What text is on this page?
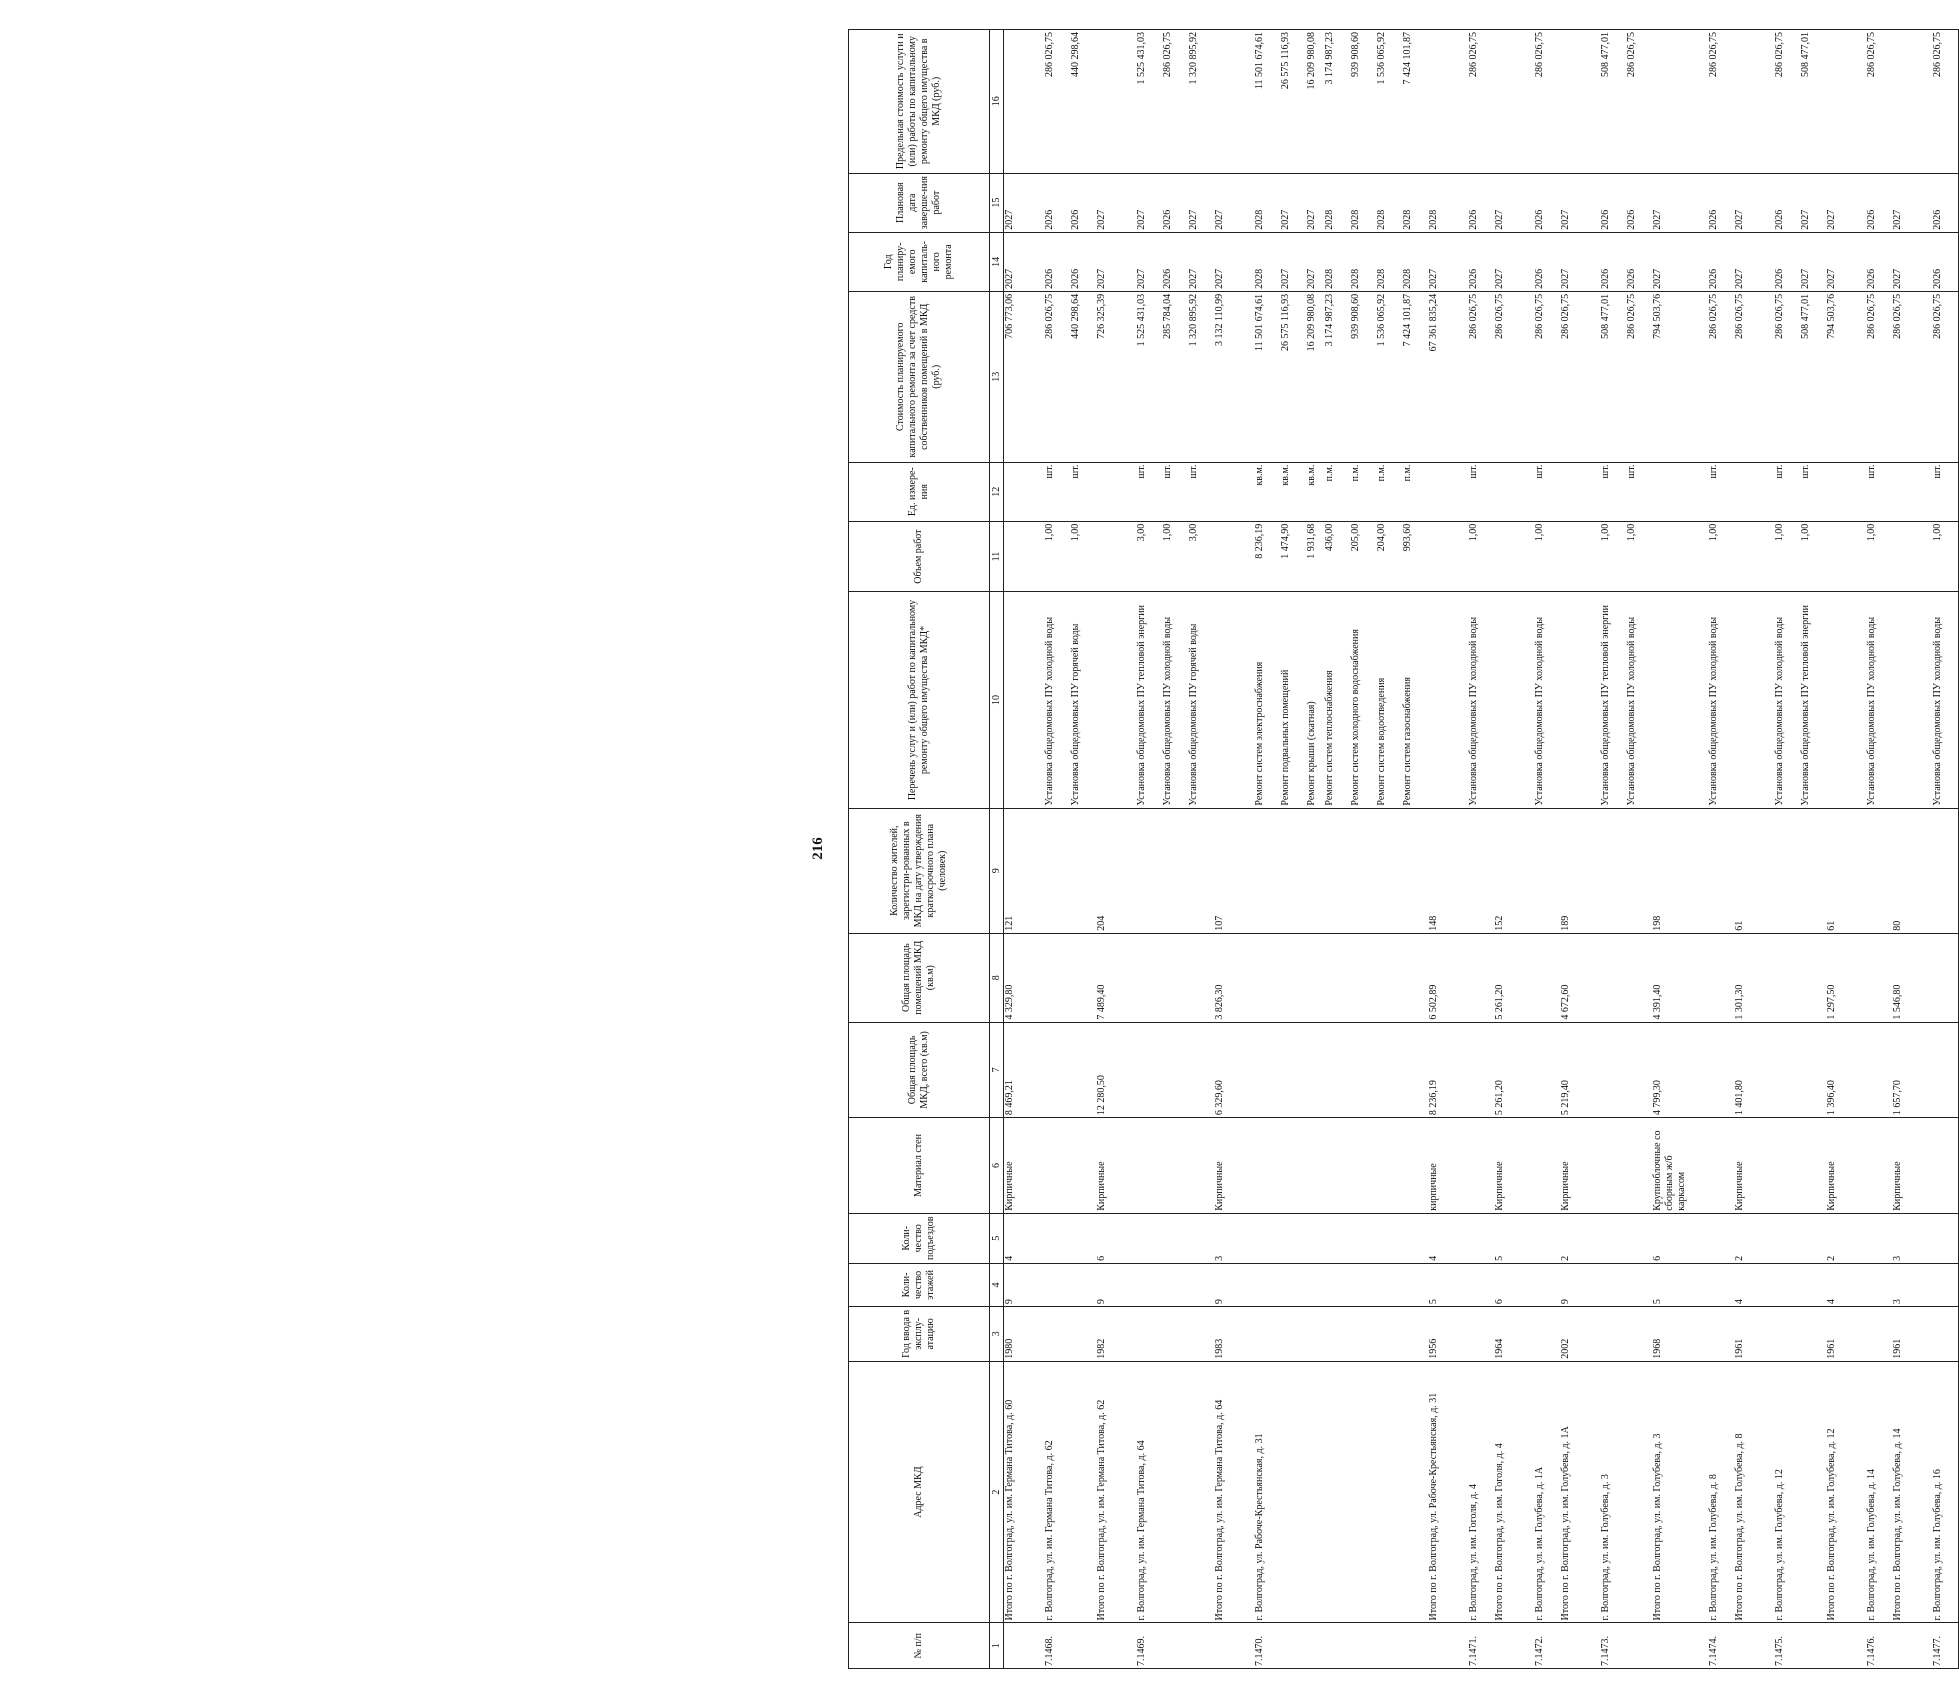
216
№ п/п	Адрес МКД	Год ввода в эксплу-атацию	Коли-чество этажей	Коли-чество подъездов	Материал стен	Общая площадь МКД, всего (кв.м)	Общая площадь помещений МКД (кв.м)	Количество жителей, зарегистри-рованных в МКД на дату утверждения краткосрочного плана (человек)	Перечень услуг и (или) работ по капитальному ремонту общего имущества МКД*	Объем работ	Ед. измере-ния	Стоимость планируемого капитального ремонта за счет средств собственников помещений в МКД (руб.)	Год планиру-емого капиталь-ного ремонта	Плановая дата заверше-ния работ	Предельная стоимость услуги и (или) работы по капитальному ремонту общего имущества в МКД (руб.)
1	2	3	4	5	6	7	8	9	10	11	12	13	14	15	16
	Итого по г. Волгоград, ул. им. Германа Титова, д. 60	1980	9	4	Кирпичные	8 469,21	4 329,80	121				706 773,06	2027	2027	
7.1468.	г. Волгоград, ул. им. Германа Титова, д. 62								Установка общедомовых ПУ холодной воды	1,00	шт.	286 026,75	2026	2026	286 026,75
									Установка общедомовых ПУ горячей воды	1,00	шт.	440 298,64	2026	2026	440 298,64
	Итого по г. Волгоград, ул. им. Германа Титова, д. 62	1982	9	6	Кирпичные	12 280,50	7 489,40	204				726 325,39	2027	2027	
7.1469.	г. Волгоград, ул. им. Германа Титова, д. 64								Установка общедомовых ПУ тепловой энергии	3,00	шт.	1 525 431,03	2027	2027	1 525 431,03
									Установка общедомовых ПУ холодной воды	1,00	шт.	285 784,04	2026	2026	286 026,75
									Установка общедомовых ПУ горячей воды	3,00	шт.	1 320 895,92	2027	2027	1 320 895,92
	Итого по г. Волгоград, ул. им. Германа Титова, д. 64	1983	9	3	Кирпичные	6 329,60	3 826,30	107				3 132 110,99	2027	2027	
7.1470.	г. Волгоград, ул. Рабоче-Крестьянская, д. 31								Ремонт систем электроснабжения	8 236,19	кв.м.	11 501 674,61	2028	2028	11 501 674,61
									Ремонт подвальных помещений	1 474,90	кв.м.	26 575 116,93	2027	2027	26 575 116,93
									Ремонт крыши (скатная)	1 931,68	кв.м.	16 209 980,08	2027	2027	16 209 980,08
									Ремонт систем теплоснабжения	436,00	п.м.	3 174 987,23	2028	2028	3 174 987,23
									Ремонт систем холодного водоснабжения	205,00	п.м.	939 908,60	2028	2028	939 908,60
									Ремонт систем водоотведения	204,00	п.м.	1 536 065,92	2028	2028	1 536 065,92
									Ремонт систем газоснабжения	993,60	п.м.	7 424 101,87	2028	2028	7 424 101,87
	Итого по г. Волгоград, ул. Рабоче-Крестьянская, д. 31	1956	5	4	кирпичные	8 236,19	6 502,89	148				67 361 835,24	2027	2028	
7.1471.	г. Волгоград, ул. им. Гоголя, д. 4								Установка общедомовых ПУ холодной воды	1,00	шт.	286 026,75	2026	2026	286 026,75
	Итого по г. Волгоград, ул. им. Гоголя, д. 4	1964	6	5	Кирпичные	5 261,20	5 261,20	152				286 026,75	2027	2027	
7.1472.	г. Волгоград, ул. им. Голубева, д. 1А								Установка общедомовых ПУ холодной воды	1,00	шт.	286 026,75	2026	2026	286 026,75
	Итого по г. Волгоград, ул. им. Голубева, д. 1А	2002	9	2	Кирпичные	5 219,40	4 672,60	189				286 026,75	2027	2027	
7.1473.	г. Волгоград, ул. им. Голубева, д. 3								Установка общедомовых ПУ тепловой энергии	1,00	шт.	508 477,01	2026	2026	508 477,01
									Установка общедомовых ПУ холодной воды	1,00	шт.	286 026,75	2026	2026	286 026,75
	Итого по г. Волгоград, ул. им. Голубева, д. 3	1968	5	6	Крупноблочные со сборным ж/б каркасом	4 799,30	4 391,40	198				794 503,76	2027	2027	
7.1474.	г. Волгоград, ул. им. Голубева, д. 8								Установка общедомовых ПУ холодной воды	1,00	шт.	286 026,75	2026	2026	286 026,75
	Итого по г. Волгоград, ул. им. Голубева, д. 8	1961	4	2	Кирпичные	1 401,80	1 301,30	61				286 026,75	2027	2027	
7.1475.	г. Волгоград, ул. им. Голубева, д. 12								Установка общедомовых ПУ холодной воды	1,00	шт.	286 026,75	2026	2026	286 026,75
									Установка общедомовых ПУ тепловой энергии	1,00	шт.	508 477,01	2027	2027	508 477,01
	Итого по г. Волгоград, ул. им. Голубева, д. 12	1961	4	2	Кирпичные	1 396,40	1 297,50	61				794 503,76	2027	2027	
7.1476.	г. Волгоград, ул. им. Голубева, д. 14								Установка общедомовых ПУ холодной воды	1,00	шт.	286 026,75	2026	2026	286 026,75
	Итого по г. Волгоград, ул. им. Голубева, д. 14	1961	3	3	Кирпичные	1 657,70	1 546,80	80				286 026,75	2027	2027	
7.1477.	г. Волгоград, ул. им. Голубева, д. 16								Установка общедомовых ПУ холодной воды	1,00	шт.	286 026,75	2026	2026	286 026,75
